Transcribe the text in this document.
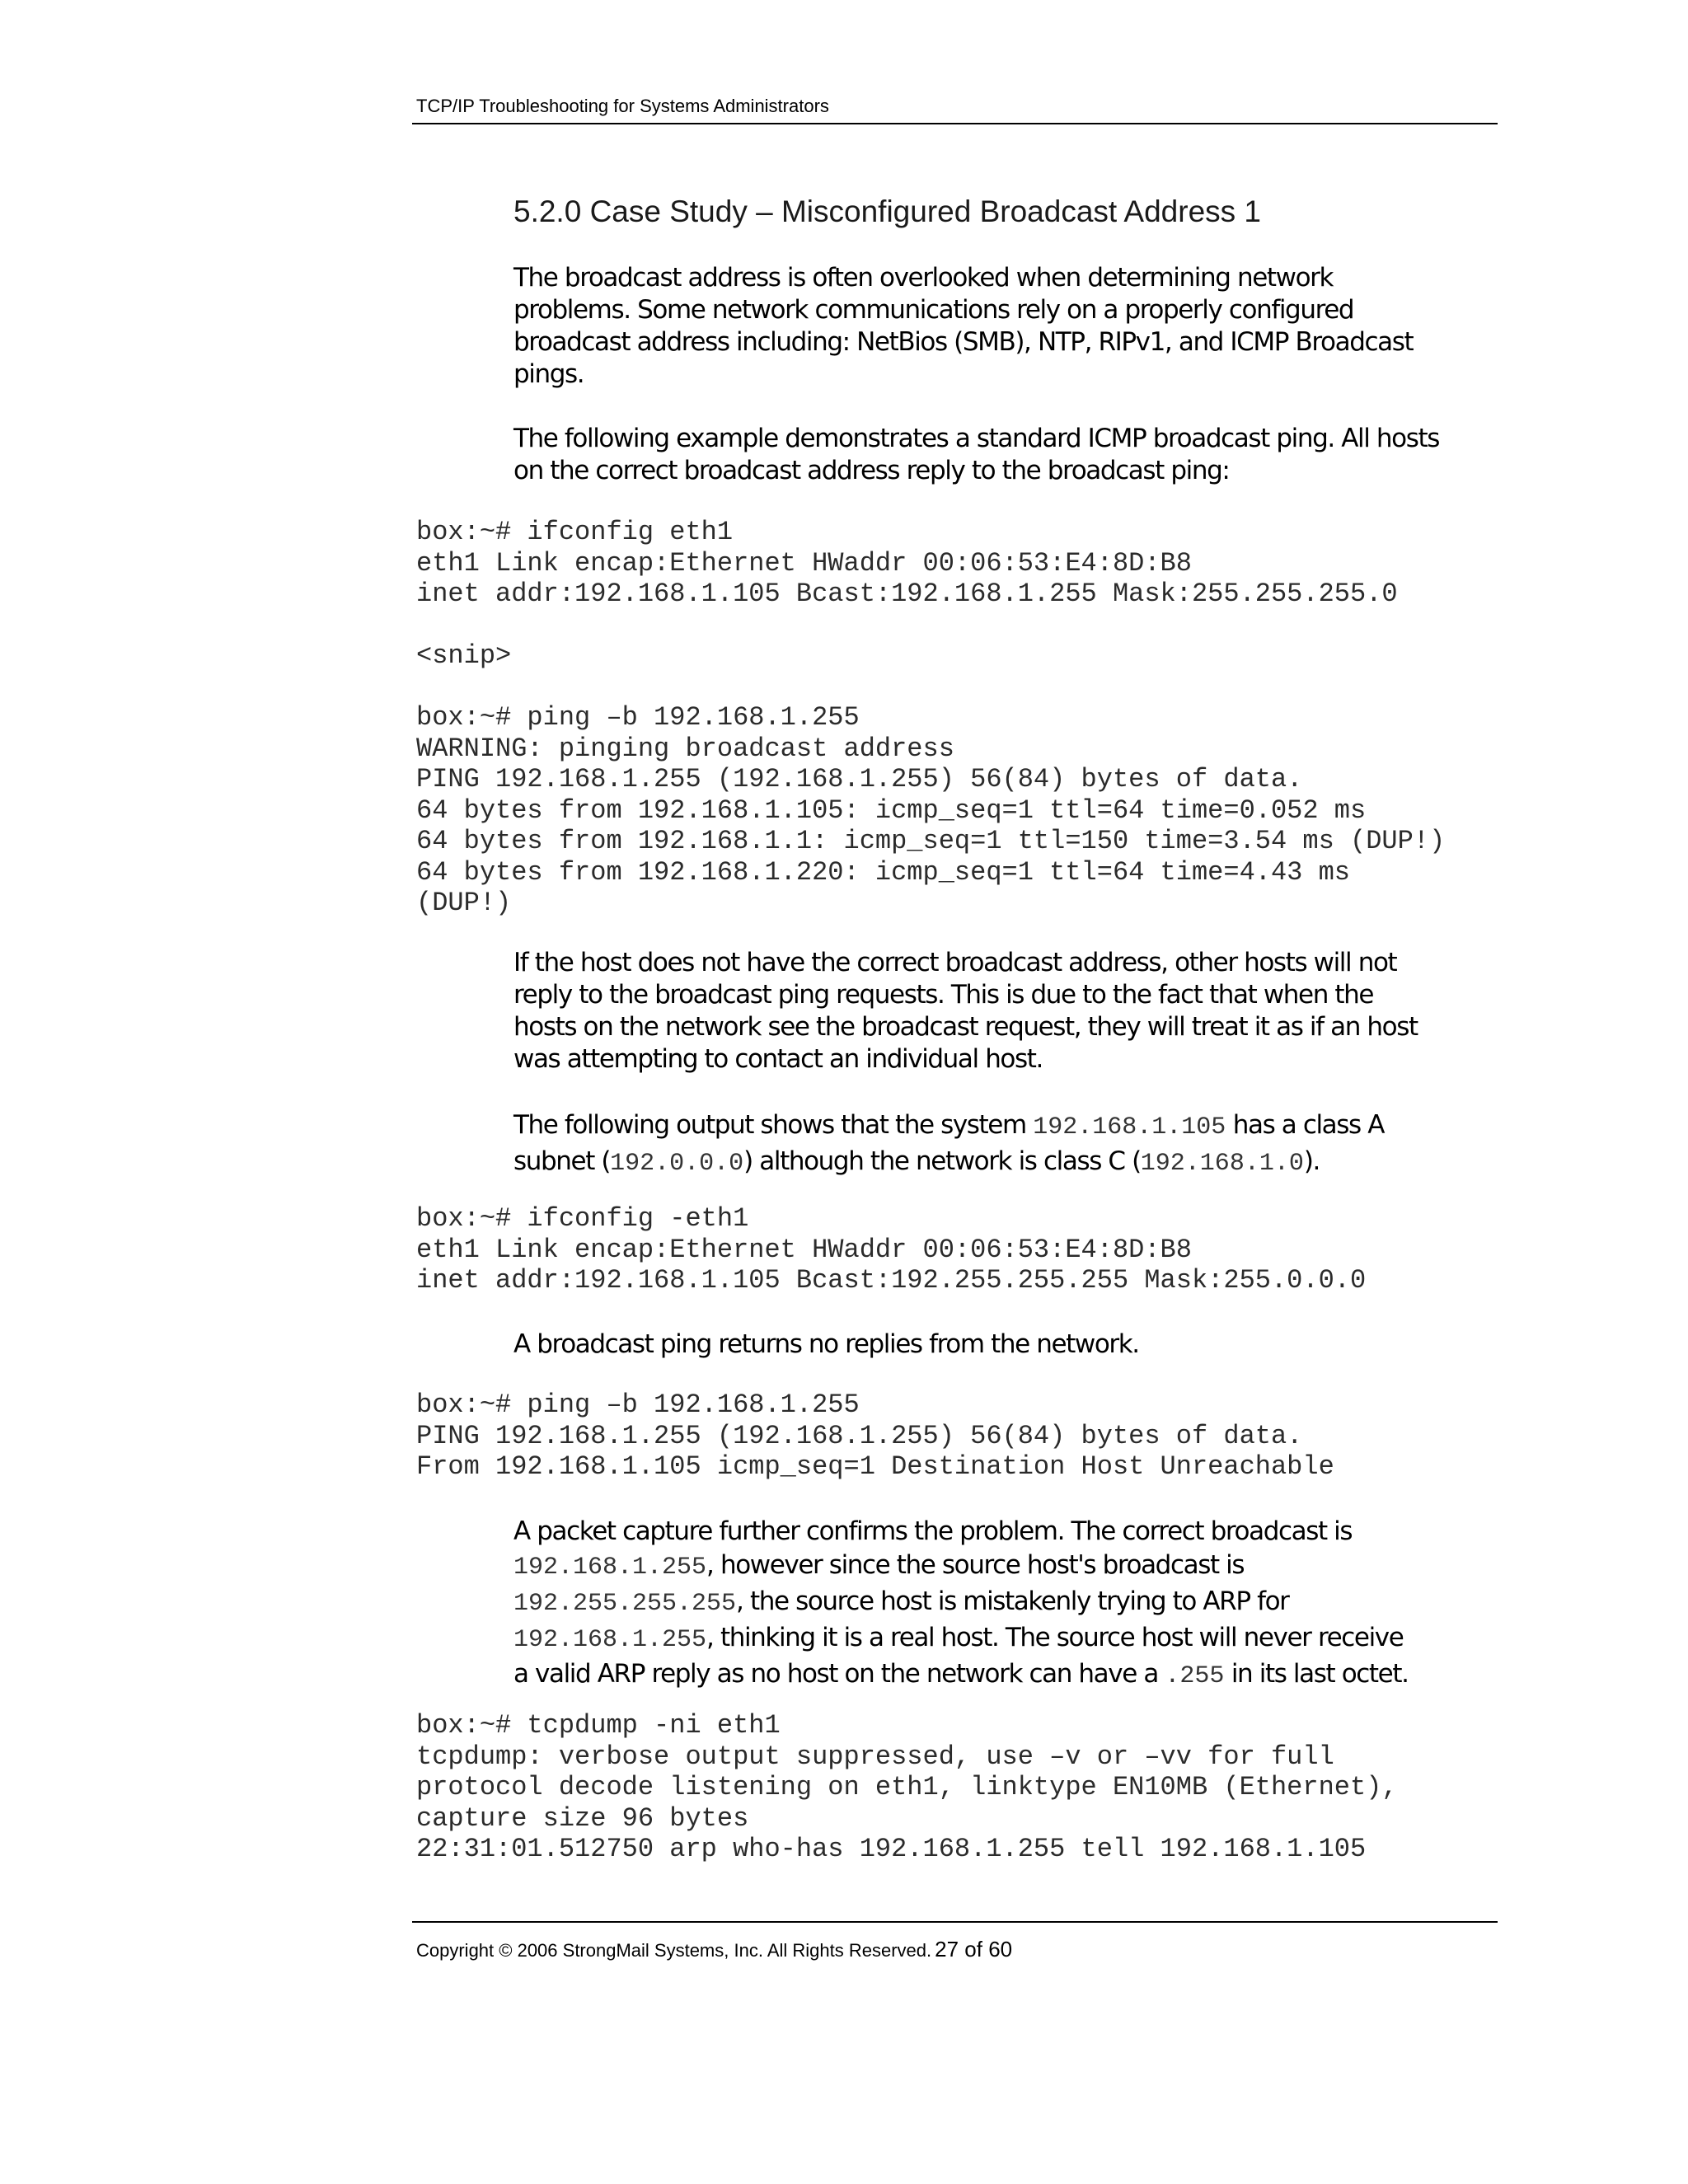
TCP/IP Troubleshooting for Systems Administrators
5.2.0 Case Study – Misconfigured Broadcast Address 1
The broadcast address is often overlooked when determining network
problems. Some network communications rely on a properly configured
broadcast address including: NetBios (SMB), NTP, RIPv1, and ICMP Broadcast
pings.
The following example demonstrates a standard ICMP broadcast ping. All hosts
on the correct broadcast address reply to the broadcast ping:
box:~# ifconfig eth1
eth1 Link encap:Ethernet HWaddr 00:06:53:E4:8D:B8
inet addr:192.168.1.105 Bcast:192.168.1.255 Mask:255.255.255.0
<snip>
box:~# ping –b 192.168.1.255
WARNING: pinging broadcast address
PING 192.168.1.255 (192.168.1.255) 56(84) bytes of data.
64 bytes from 192.168.1.105: icmp_seq=1 ttl=64 time=0.052 ms
64 bytes from 192.168.1.1: icmp_seq=1 ttl=150 time=3.54 ms (DUP!)
64 bytes from 192.168.1.220: icmp_seq=1 ttl=64 time=4.43 ms
(DUP!)
If the host does not have the correct broadcast address, other hosts will not
reply to the broadcast ping requests. This is due to the fact that when the
hosts on the network see the broadcast request, they will treat it as if an host
was attempting to contact an individual host.
The following output shows that the system 192.168.1.105 has a class A
subnet (192.0.0.0) although the network is class C (192.168.1.0).
box:~# ifconfig -eth1
eth1 Link encap:Ethernet HWaddr 00:06:53:E4:8D:B8
inet addr:192.168.1.105 Bcast:192.255.255.255 Mask:255.0.0.0
A broadcast ping returns no replies from the network.
box:~# ping –b 192.168.1.255
PING 192.168.1.255 (192.168.1.255) 56(84) bytes of data.
From 192.168.1.105 icmp_seq=1 Destination Host Unreachable
A packet capture further confirms the problem. The correct broadcast is
192.168.1.255, however since the source host's broadcast is
192.255.255.255, the source host is mistakenly trying to ARP for
192.168.1.255, thinking it is a real host. The source host will never receive
a valid ARP reply as no host on the network can have a .255 in its last octet.
box:~# tcpdump -ni eth1
tcpdump: verbose output suppressed, use –v or –vv for full
protocol decode listening on eth1, linktype EN10MB (Ethernet),
capture size 96 bytes
22:31:01.512750 arp who-has 192.168.1.255 tell 192.168.1.105
Copyright © 2006 StrongMail Systems, Inc. All Rights Reserved. 27 of 60
